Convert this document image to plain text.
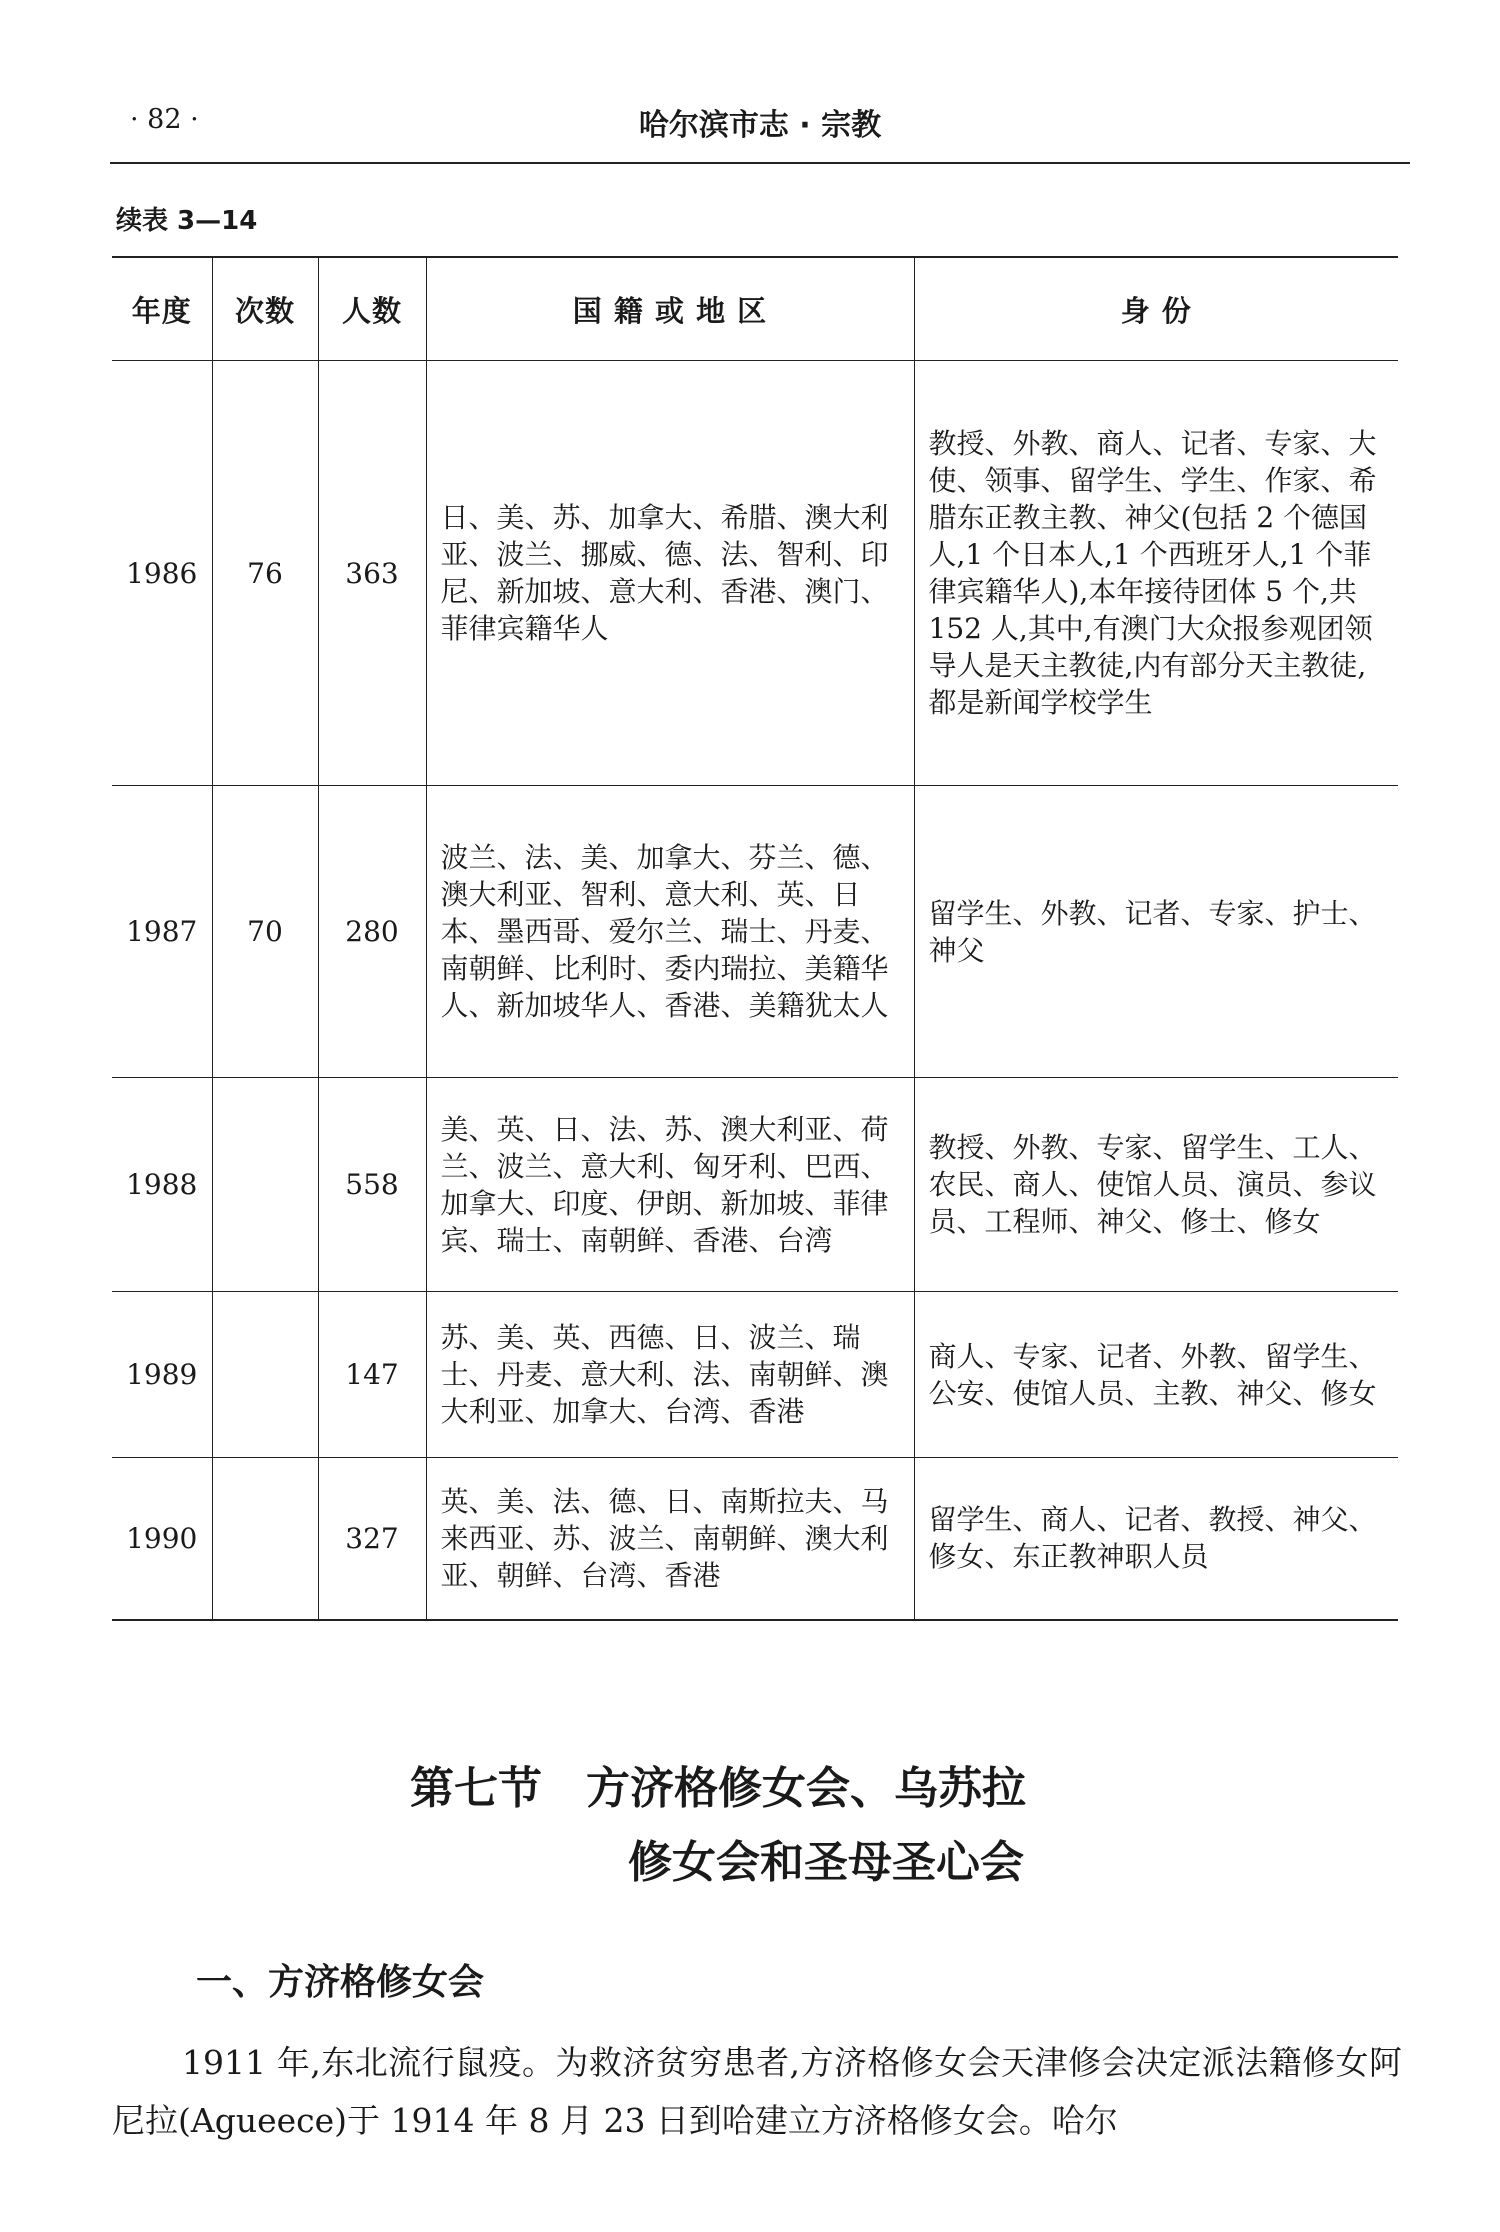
· 82 ·	哈尔滨市志 · 宗教
续表 3—14
年度	次数	人数	国 籍 或 地 区	身 份
1986	76	363	日、美、苏、加拿大、希腊、澳大利亚、波兰、挪威、德、法、智利、印尼、新加坡、意大利、香港、澳门、菲律宾籍华人	教授、外教、商人、记者、专家、大使、领事、留学生、学生、作家、希腊东正教主教、神父(包括 2 个德国人,1 个日本人,1 个西班牙人,1 个菲律宾籍华人),本年接待团体 5 个,共 152 人,其中,有澳门大众报参观团领导人是天主教徒,内有部分天主教徒,都是新闻学校学生
1987	70	280	波兰、法、美、加拿大、芬兰、德、澳大利亚、智利、意大利、英、日本、墨西哥、爱尔兰、瑞士、丹麦、南朝鲜、比利时、委内瑞拉、美籍华人、新加坡华人、香港、美籍犹太人	留学生、外教、记者、专家、护士、神父
1988		558	美、英、日、法、苏、澳大利亚、荷兰、波兰、意大利、匈牙利、巴西、加拿大、印度、伊朗、新加坡、菲律宾、瑞士、南朝鲜、香港、台湾	教授、外教、专家、留学生、工人、农民、商人、使馆人员、演员、参议员、工程师、神父、修士、修女
1989		147	苏、美、英、西德、日、波兰、瑞士、丹麦、意大利、法、南朝鲜、澳大利亚、加拿大、台湾、香港	商人、专家、记者、外教、留学生、公安、使馆人员、主教、神父、修女
1990		327	英、美、法、德、日、南斯拉夫、马来西亚、苏、波兰、南朝鲜、澳大利亚、朝鲜、台湾、香港	留学生、商人、记者、教授、神父、修女、东正教神职人员
第七节　方济格修女会、乌苏拉
修女会和圣母圣心会
一、方济格修女会

1911 年,东北流行鼠疫。为救济贫穷患者,方济格修女会天津修会决定派法籍修女阿尼拉(Agueece)于 1914 年 8 月 23 日到哈建立方济格修女会。哈尔
